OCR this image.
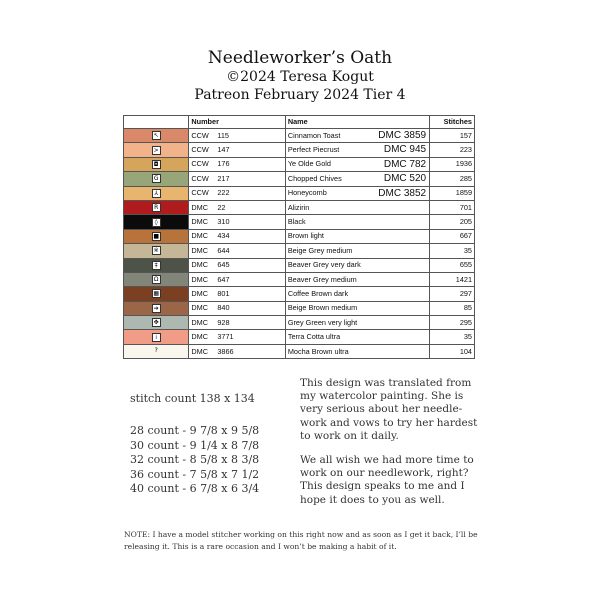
Needleworker’s Oath
©2024 Teresa Kogut
Patreon February 2024 Tier 4
	Number	Name	Stitches

↖	CCW 115	Cinnamon Toast DMC 3859	157

>	CCW 147	Perfect Piecrust DMC 945	223

◘	CCW 176	Ye Olde Gold DMC 782	1936

G	CCW 217	Chopped Chives DMC 520	285

⅄	CCW 222	Honeycomb DMC 3852	1859

R	DMC 22	Alizirin	701

◊	DMC 310	Black	205

■	DMC 434	Brown light	667

※	DMC 644	Beige Grey medium	35

‡	DMC 645	Beaver Grey very dark	655

Ω	DMC 647	Beaver Grey medium	1421

▦	DMC 801	Coffee Brown dark	297

➔	DMC 840	Beige Brown medium	85

✥	DMC 928	Grey Green very light	295

⁞	DMC 3771	Terra Cotta ultra	35

?	DMC 3866	Mocha Brown ultra	104
stitch count 138 x 134
28 count - 9 7/8 x 9 5/8
30 count - 9 1/4 x 8 7/8
32 count - 8 5/8 x 8 3/8
36 count - 7 5/8 x 7 1/2
40 count - 6 7/8 x 6 3/4

This design was translated from my watercolor painting. She is very serious about her needle-work and vows to try her hardest to work on it daily.

We all wish we had more time to work on our needlework, right? This design speaks to me and I hope it does to you as well.

NOTE: I have a model stitcher working on this right now and as soon as I get it back, I’ll be releasing it. This is a rare occasion and I won’t be making a habit of it.
